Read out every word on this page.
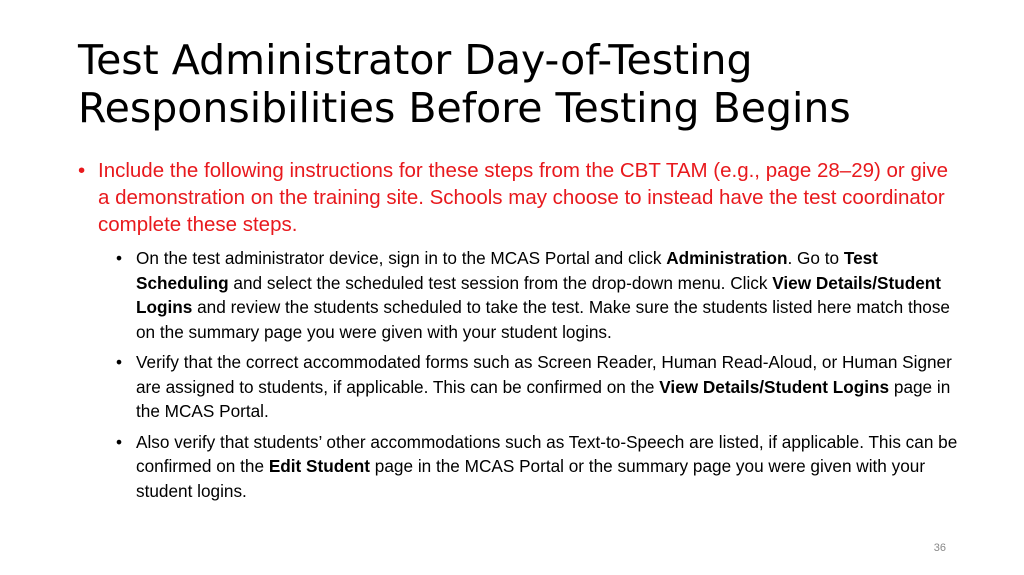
Test Administrator Day-of-Testing
Responsibilities Before Testing Begins

• Include the following instructions for these steps from the CBT TAM (e.g., page 28–29) or give a demonstration on the training site. Schools may choose to instead have the test coordinator complete these steps.

• On the test administrator device, sign in to the MCAS Portal and click Administration. Go to Test Scheduling and select the scheduled test session from the drop-down menu. Click View Details/Student Logins and review the students scheduled to take the test. Make sure the students listed here match those on the summary page you were given with your student logins.

• Verify that the correct accommodated forms such as Screen Reader, Human Read-Aloud, or Human Signer are assigned to students, if applicable. This can be confirmed on the View Details/Student Logins page in the MCAS Portal.

• Also verify that students’ other accommodations such as Text-to-Speech are listed, if applicable. This can be confirmed on the Edit Student page in the MCAS Portal or the summary page you were given with your student logins.

36
